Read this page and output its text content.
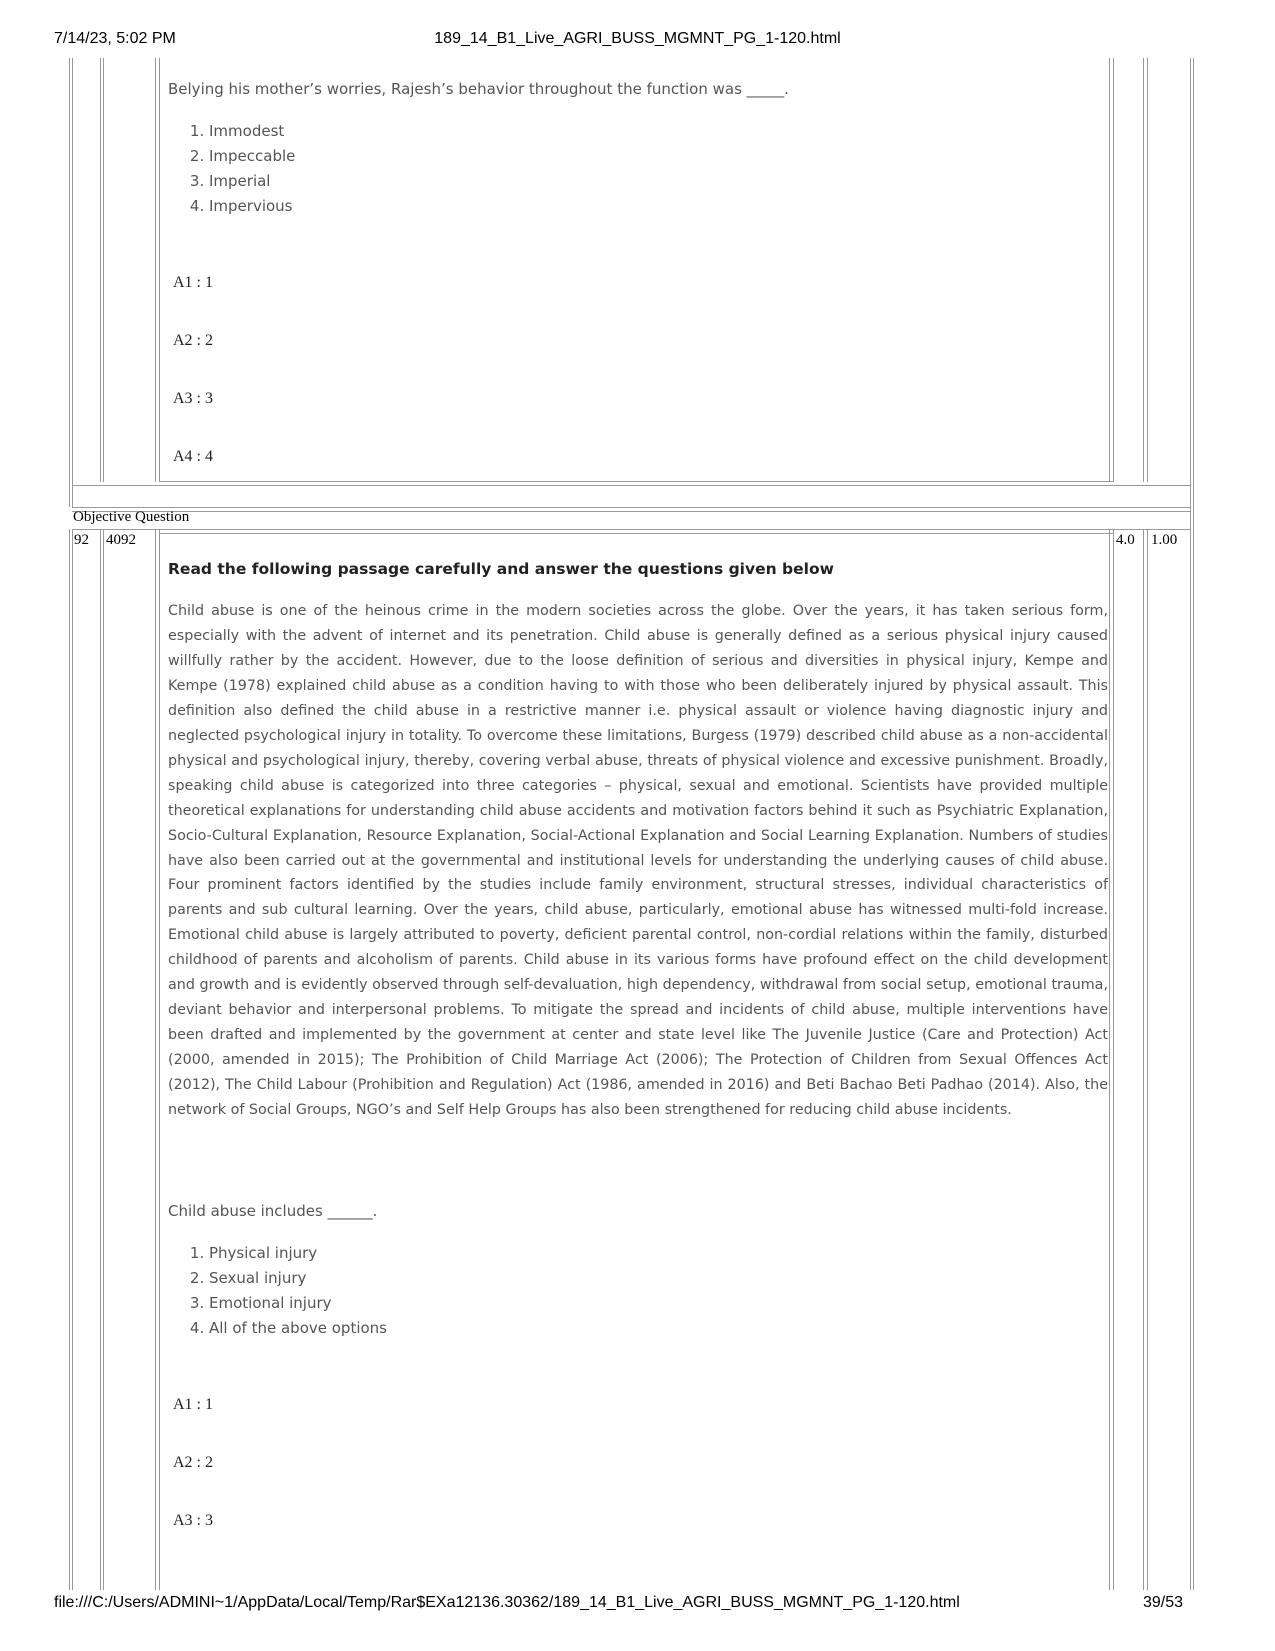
7/14/23, 5:02 PM	189_14_B1_Live_AGRI_BUSS_MGMNT_PG_1-120.html
Belying his mother’s worries, Rajesh’s behavior throughout the function was _____.
1. Immodest
2. Impeccable
3. Imperial
4. Impervious
A1 : 1
A2 : 2
A3 : 3
A4 : 4
Objective Question
92 4092	4.0 1.00
Read the following passage carefully and answer the questions given below

Child abuse is one of the heinous crime in the modern societies across the globe. Over the years, it has taken serious form, especially with the advent of internet and its penetration. Child abuse is generally defined as a serious physical injury caused willfully rather by the accident. However, due to the loose definition of serious and diversities in physical injury, Kempe and Kempe (1978) explained child abuse as a condition having to with those who been deliberately injured by physical assault. This definition also defined the child abuse in a restrictive manner i.e. physical assault or violence having diagnostic injury and neglected psychological injury in totality. To overcome these limitations, Burgess (1979) described child abuse as a non-accidental physical and psychological injury, thereby, covering verbal abuse, threats of physical violence and excessive punishment. Broadly, speaking child abuse is categorized into three categories – physical, sexual and emotional. Scientists have provided multiple theoretical explanations for understanding child abuse accidents and motivation factors behind it such as Psychiatric Explanation, Socio-Cultural Explanation, Resource Explanation, Social-Actional Explanation and Social Learning Explanation. Numbers of studies have also been carried out at the governmental and institutional levels for understanding the underlying causes of child abuse. Four prominent factors identified by the studies include family environment, structural stresses, individual characteristics of parents and sub cultural learning. Over the years, child abuse, particularly, emotional abuse has witnessed multi-fold increase. Emotional child abuse is largely attributed to poverty, deficient parental control, non-cordial relations within the family, disturbed childhood of parents and alcoholism of parents. Child abuse in its various forms have profound effect on the child development and growth and is evidently observed through self-devaluation, high dependency, withdrawal from social setup, emotional trauma, deviant behavior and interpersonal problems. To mitigate the spread and incidents of child abuse, multiple interventions have been drafted and implemented by the government at center and state level like The Juvenile Justice (Care and Protection) Act (2000, amended in 2015); The Prohibition of Child Marriage Act (2006); The Protection of Children from Sexual Offences Act (2012), The Child Labour (Prohibition and Regulation) Act (1986, amended in 2016) and Beti Bachao Beti Padhao (2014). Also, the network of Social Groups, NGO’s and Self Help Groups has also been strengthened for reducing child abuse incidents.

Child abuse includes ______.
1. Physical injury
2. Sexual injury
3. Emotional injury
4. All of the above options
A1 : 1
A2 : 2
A3 : 3
file:///C:/Users/ADMINI~1/AppData/Local/Temp/Rar$EXa12136.30362/189_14_B1_Live_AGRI_BUSS_MGMNT_PG_1-120.html	39/53
